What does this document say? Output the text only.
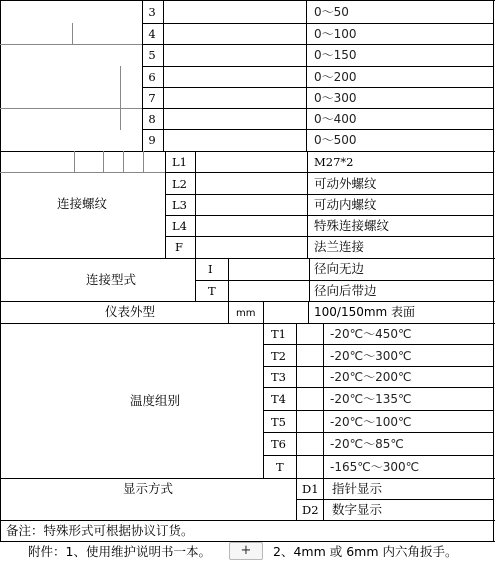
3	0～50
4	0～100
5	0～150
6	0～200
7	0～300
8	0～400
9	0～500
连接螺纹
L1	M27*2
L2	可动外螺纹
L3	可动内螺纹
L4	特殊连接螺纹
F	法兰连接
连接型式
I	径向无边
T	径向后带边
仪表外型	mm	100/150mm 表面
温度组别
T1	-20℃～450℃
T2	-20℃～300℃
T3	-20℃～200℃
T4	-20℃～135℃
T5	-20℃～100℃
T6	-20℃～85℃
T	-165℃～300℃
显示方式	D1 指针显示
D2 数字显示
备注：特殊形式可根据协议订货。
附件：1、使用维护说明书一本。	+	2、4mm 或 6mm 内六角扳手。
